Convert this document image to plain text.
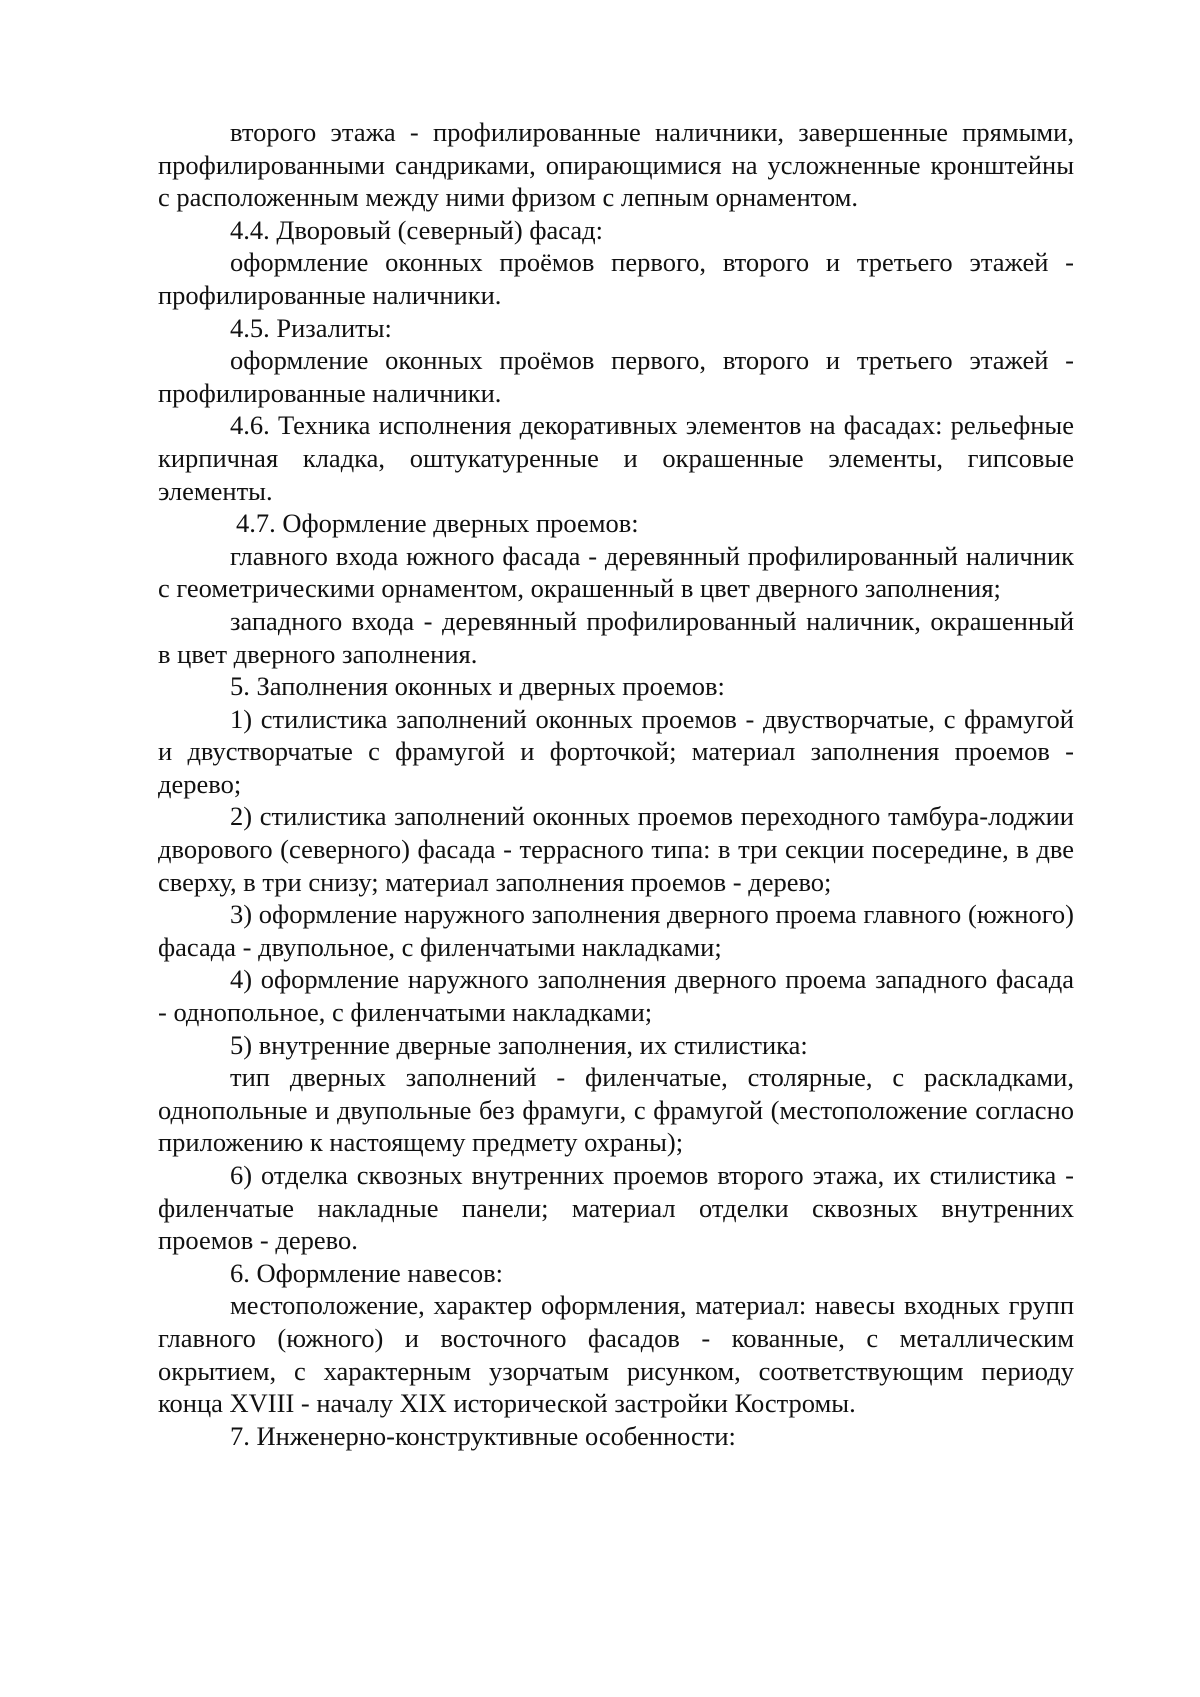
второго этажа - профилированные наличники, завершенные прямыми, профилированными сандриками, опирающимися на усложненные кронштейны с расположенным между ними фризом с лепным орнаментом.

4.4. Дворовый (северный) фасад:

оформление оконных проёмов первого, второго и третьего этажей - профилированные наличники.

4.5. Ризалиты:

оформление оконных проёмов первого, второго и третьего этажей - профилированные наличники.

4.6. Техника исполнения декоративных элементов на фасадах: рельефные кирпичная кладка, оштукатуренные и окрашенные элементы, гипсовые элементы.

4.7. Оформление дверных проемов:

главного входа южного фасада - деревянный профилированный наличник с геометрическими орнаментом, окрашенный в цвет дверного заполнения;

западного входа - деревянный профилированный наличник, окрашенный в цвет дверного заполнения.

5. Заполнения оконных и дверных проемов:

1) стилистика заполнений оконных проемов - двустворчатые, с фрамугой и двустворчатые с фрамугой и форточкой; материал заполнения проемов - дерево;

2) стилистика заполнений оконных проемов переходного тамбура-лоджии дворового (северного) фасада - террасного типа: в три секции посередине, в две сверху, в три снизу; материал заполнения проемов - дерево;

3) оформление наружного заполнения дверного проема главного (южного) фасада - двупольное, с филенчатыми накладками;

4) оформление наружного заполнения дверного проема западного фасада - однопольное, с филенчатыми накладками;

5) внутренние дверные заполнения, их стилистика:

тип дверных заполнений - филенчатые, столярные, с раскладками, однопольные и двупольные без фрамуги, с фрамугой (местоположение согласно приложению к настоящему предмету охраны);

6) отделка сквозных внутренних проемов второго этажа, их стилистика - филенчатые накладные панели; материал отделки сквозных внутренних проемов - дерево.

6. Оформление навесов:

местоположение, характер оформления, материал: навесы входных групп главного (южного) и восточного фасадов - кованные, с металлическим окрытием, с характерным узорчатым рисунком, соответствующим периоду конца XVIII - началу XIX исторической застройки Костромы.

7. Инженерно-конструктивные особенности:
